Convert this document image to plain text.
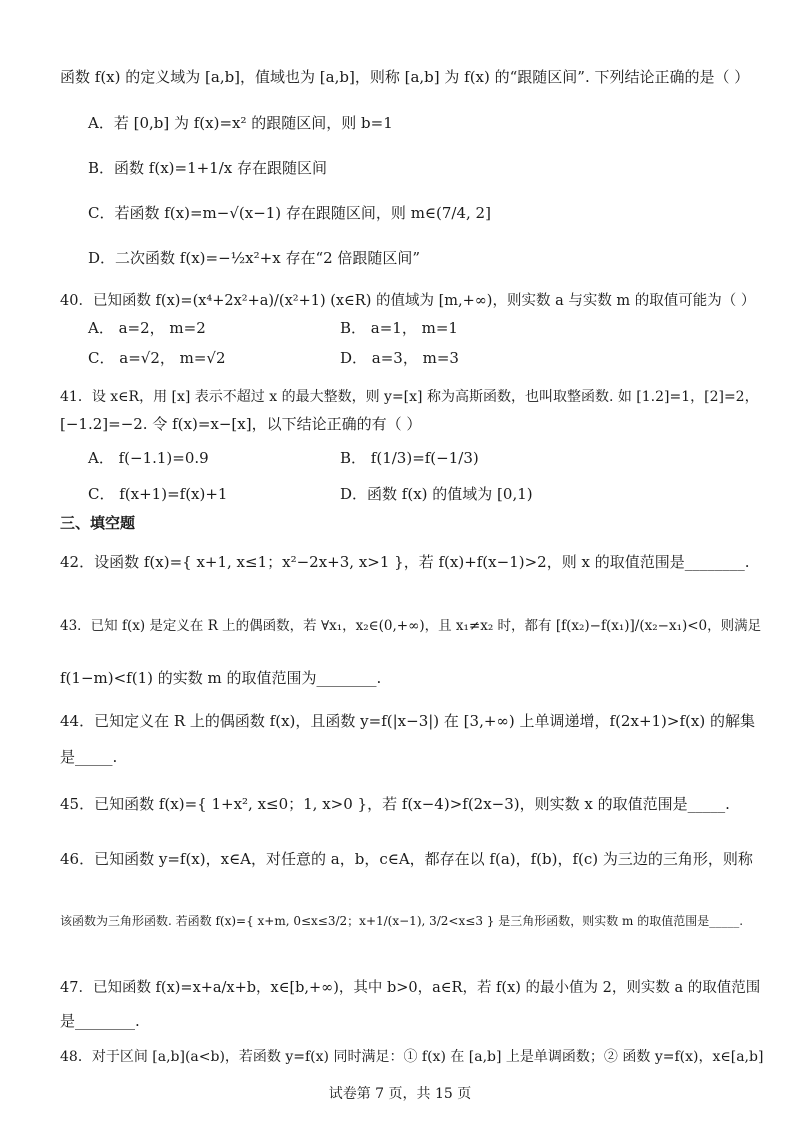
函数 f(x) 的定义域为 [a,b]，值域也为 [a,b]，则称 [a,b] 为 f(x) 的“跟随区间”. 下列结论正确的是（ ）
A．若 [0,b] 为 f(x)=x² 的跟随区间，则 b=1
B．函数 f(x)=1+1/x 存在跟随区间
C．若函数 f(x)=m−√(x−1) 存在跟随区间，则 m∈(7/4, 2]
D．二次函数 f(x)=−½x²+x 存在“2 倍跟随区间”
40．已知函数 f(x)=(x⁴+2x²+a)/(x²+1) (x∈R) 的值域为 [m,+∞)，则实数 a 与实数 m 的取值可能为（ ）
A． a=2， m=2	B． a=1， m=1
C． a=√2， m=√2	D． a=3， m=3
41．设 x∈R，用 [x] 表示不超过 x 的最大整数，则 y=[x] 称为高斯函数，也叫取整函数. 如 [1.2]=1，[2]=2，
[−1.2]=−2. 令 f(x)=x−[x]，以下结论正确的有（ ）
A． f(−1.1)=0.9	B． f(1/3)=f(−1/3)
C． f(x+1)=f(x)+1	D．函数 f(x) 的值域为 [0,1)
三、填空题
42．设函数 f(x)={ x+1, x≤1；x²−2x+3, x>1 }，若 f(x)+f(x−1)>2，则 x 的取值范围是________.
43．已知 f(x) 是定义在 R 上的偶函数，若 ∀x₁，x₂∈(0,+∞)，且 x₁≠x₂ 时，都有 [f(x₂)−f(x₁)]/(x₂−x₁)<0，则满足
f(1−m)<f(1) 的实数 m 的取值范围为________.
44．已知定义在 R 上的偶函数 f(x)，且函数 y=f(|x−3|) 在 [3,+∞) 上单调递增，f(2x+1)>f(x) 的解集
是_____.
45．已知函数 f(x)={ 1+x², x≤0；1, x>0 }，若 f(x−4)>f(2x−3)，则实数 x 的取值范围是_____.
46．已知函数 y=f(x)，x∈A，对任意的 a，b，c∈A，都存在以 f(a)，f(b)，f(c) 为三边的三角形，则称
该函数为三角形函数. 若函数 f(x)={ x+m, 0≤x≤3/2；x+1/(x−1), 3/2<x≤3 } 是三角形函数，则实数 m 的取值范围是_____.
47．已知函数 f(x)=x+a/x+b，x∈[b,+∞)，其中 b>0，a∈R，若 f(x) 的最小值为 2，则实数 a 的取值范围
是________.
48．对于区间 [a,b](a<b)，若函数 y=f(x) 同时满足：① f(x) 在 [a,b] 上是单调函数；② 函数 y=f(x)，x∈[a,b]
试卷第 7 页，共 15 页
